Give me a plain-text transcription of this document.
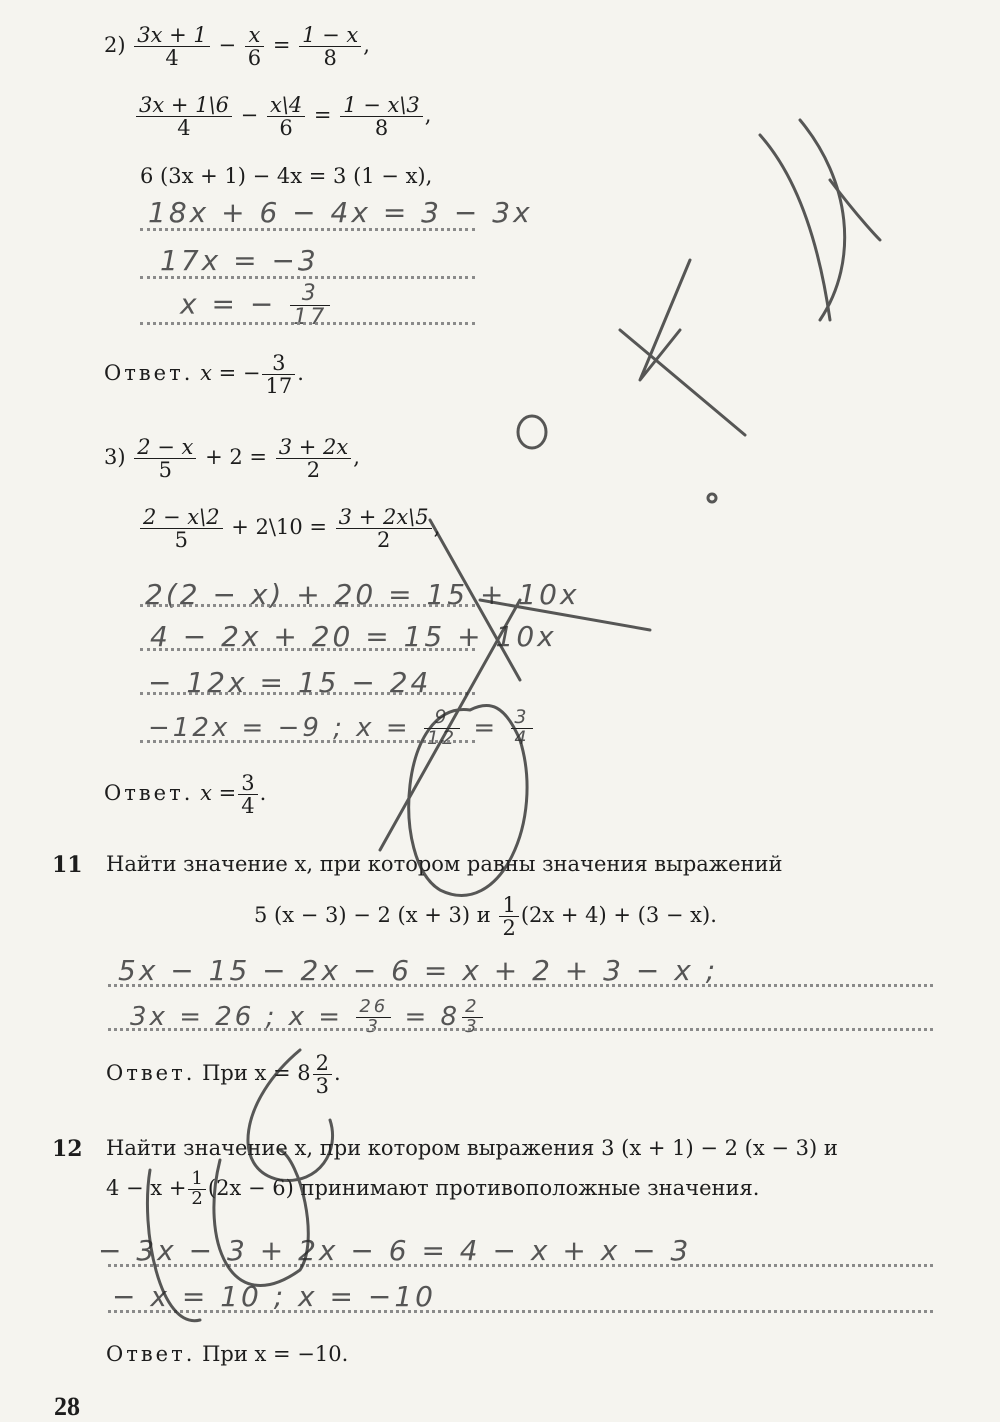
$2) \frac{3x + 1}{4} - \frac{x}{6} = \frac{1 - x}{8}$ ,
$\frac{3x + 1\backslash 6}{4} - \frac{x\backslash 4}{6} = \frac{1 - x\backslash 3}{8}$ ,
6 (3x + 1) − 4x = 3 (1 − x),
18x + 6 − 4x = 3 − 3x
17x = −3
x = − $\frac{3}{17}$
Ответ. x = − $\frac{3}{17}$ .
$3) \frac{2 - x}{5} + 2 = \frac{3 + 2x}{2}$ ,
$\frac{2 - x\backslash 2}{5}$ + 2\10 = $\frac{3 + 2x\backslash 5}{2}$ ,
2(2 − x) + 20 = 15 + 10x
4 − 2x + 20 = 15 + 10x
− 12x = 15 − 24
−12x = −9 ; $x = \frac{9}{12} = \frac{3}{4}$
Ответ. $x = \frac{3}{4}$ .
11 Найти значение x, при котором равны значения выражений
5 (x − 3) − 2 (x + 3) и $\frac{1}{2} (2x + 4) + (3 - x)$.
5x − 15 − 2x − 6 = x + 2 + 3 − x ;
3x = 26 ; $x = \frac{26}{3} = 8 \frac{2}{3}$
Ответ. При $x = 8 \frac{2}{3}$ .
12 Найти значение x, при котором выражения 3 (x + 1) − 2 (x − 3) и
$4 - x + \frac{1}{2} (2x - 6)$ принимают противоположные значения.
− 3x − 3 + 2x − 6 = 4 − x + x − 3
− x = 10 ; x = −10
Ответ. При x = −10.
28
